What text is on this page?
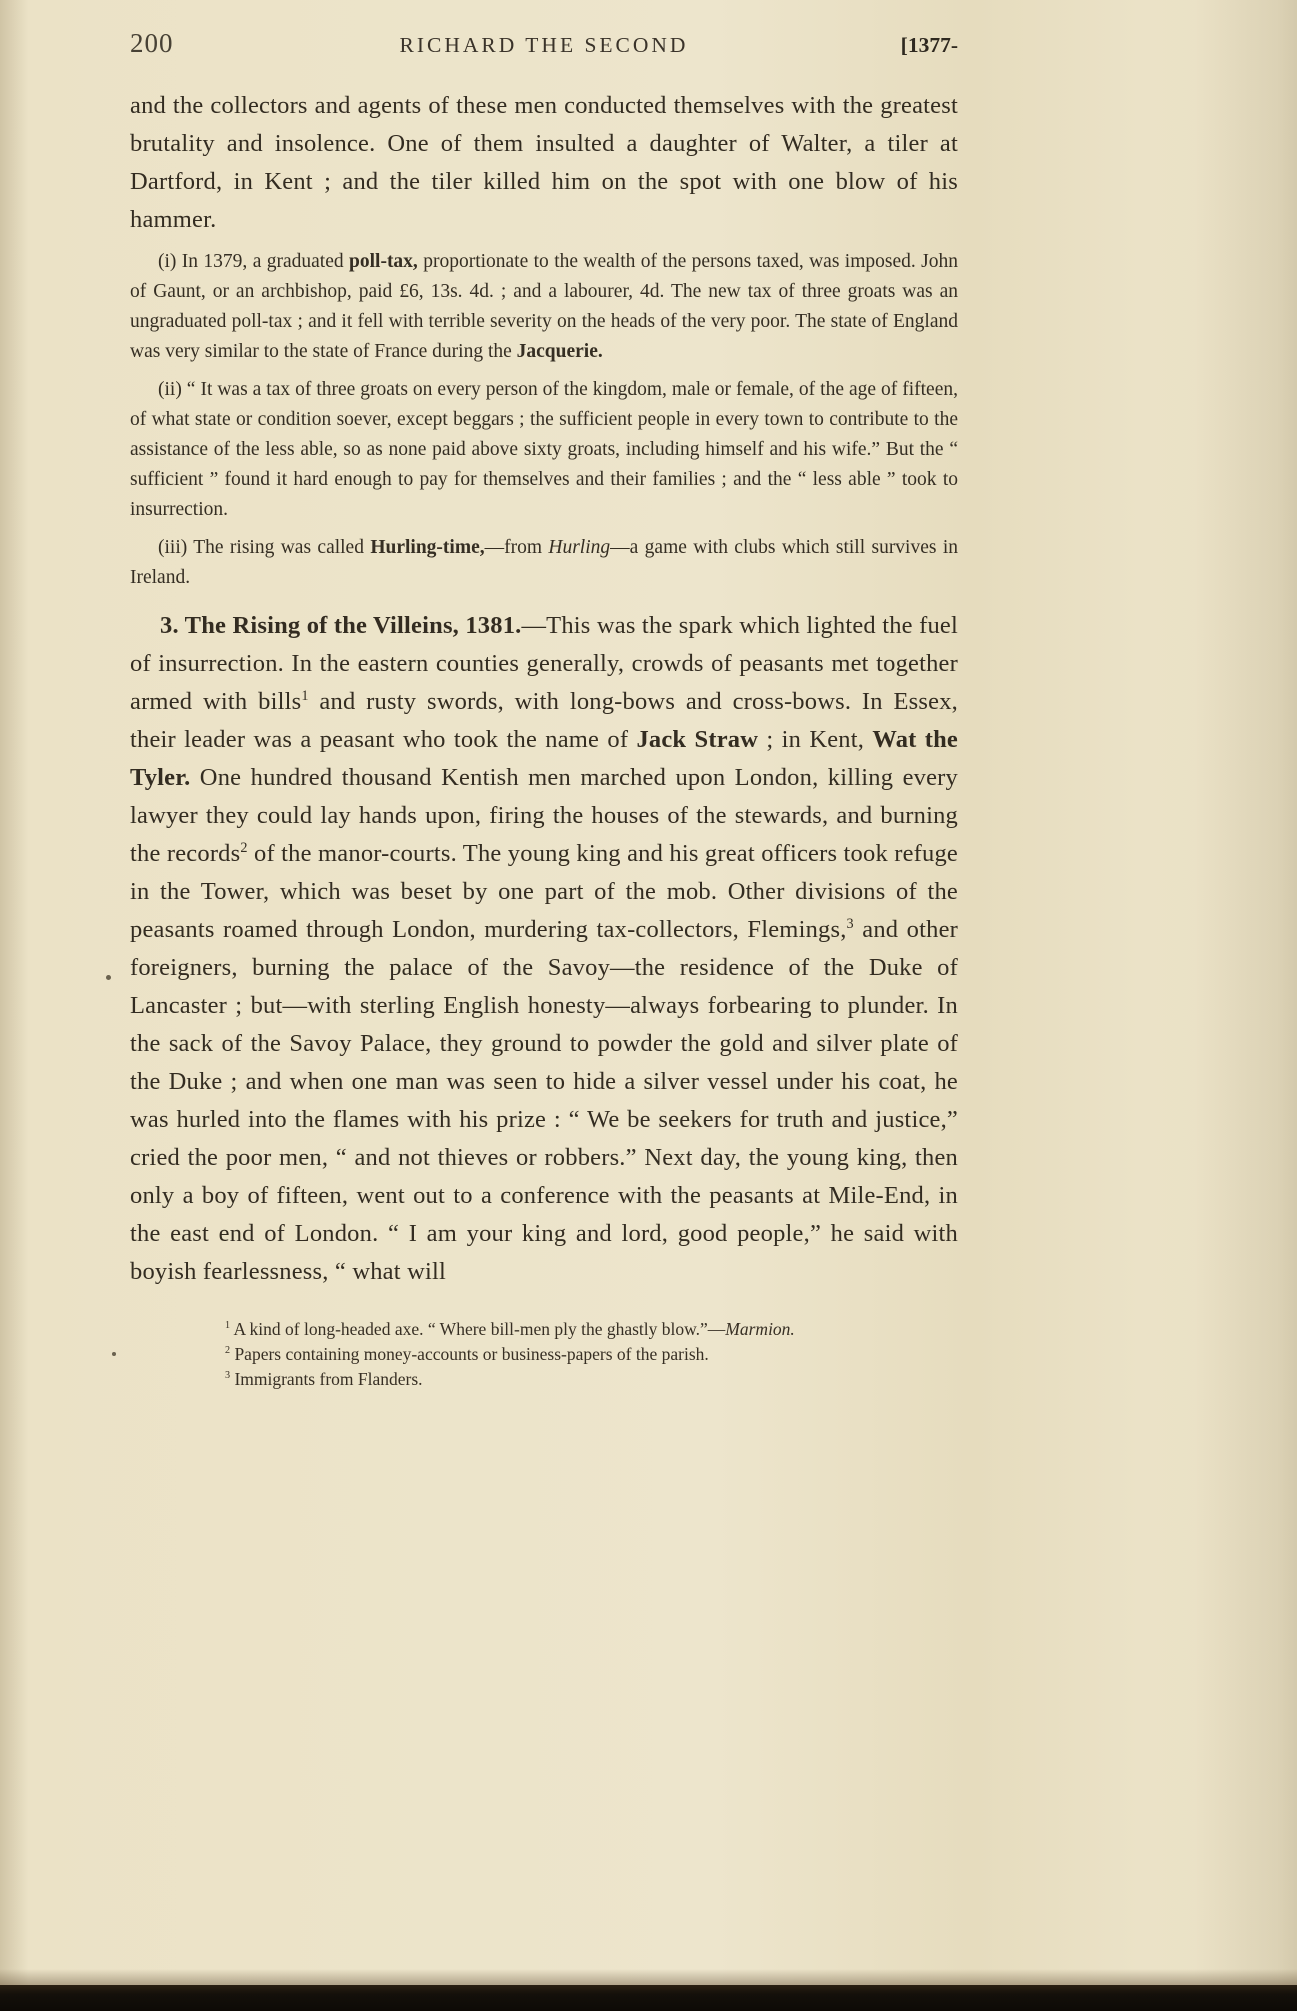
200	RICHARD THE SECOND	[1377-

and the collectors and agents of these men conducted themselves with the greatest brutality and insolence. One of them insulted a daughter of Walter, a tiler at Dartford, in Kent ; and the tiler killed him on the spot with one blow of his hammer.

(i) In 1379, a graduated poll-tax, proportionate to the wealth of the persons taxed, was imposed. John of Gaunt, or an archbishop, paid £6, 13s. 4d. ; and a labourer, 4d. The new tax of three groats was an ungraduated poll-tax ; and it fell with terrible severity on the heads of the very poor. The state of England was very similar to the state of France during the Jacquerie.

(ii) “ It was a tax of three groats on every person of the kingdom, male or female, of the age of fifteen, of what state or condition soever, except beggars ; the sufficient people in every town to contribute to the assistance of the less able, so as none paid above sixty groats, including himself and his wife.” But the “ sufficient ” found it hard enough to pay for themselves and their families ; and the “ less able ” took to insurrection.

(iii) The rising was called Hurling-time,—from Hurling—a game with clubs which still survives in Ireland.

3. The Rising of the Villeins, 1381.—This was the spark which lighted the fuel of insurrection. In the eastern counties generally, crowds of peasants met together armed with bills$^1$ and rusty swords, with long-bows and cross-bows. In Essex, their leader was a peasant who took the name of Jack Straw ; in Kent, Wat the Tyler. One hundred thousand Kentish men marched upon London, killing every lawyer they could lay hands upon, firing the houses of the stewards, and burning the records$^2$ of the manor-courts. The young king and his great officers took refuge in the Tower, which was beset by one part of the mob. Other divisions of the peasants roamed through London, murdering tax-collectors, Flemings,$^3$ and other foreigners, burning the palace of the Savoy—the residence of the Duke of Lancaster ; but—with sterling English honesty—always forbearing to plunder. In the sack of the Savoy Palace, they ground to powder the gold and silver plate of the Duke ; and when one man was seen to hide a silver vessel under his coat, he was hurled into the flames with his prize : “ We be seekers for truth and justice,” cried the poor men, “ and not thieves or robbers.” Next day, the young king, then only a boy of fifteen, went out to a conference with the peasants at Mile-End, in the east end of London. “ I am your king and lord, good people,” he said with boyish fearlessness, “ what will

$^1$ A kind of long-headed axe. “ Where bill-men ply the ghastly blow.”—Marmion.
$^2$ Papers containing money-accounts or business-papers of the parish.
$^3$ Immigrants from Flanders.
